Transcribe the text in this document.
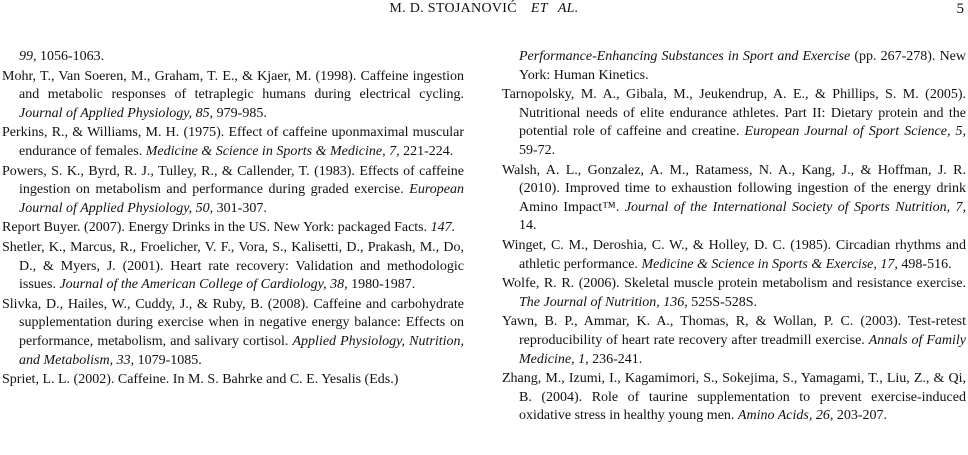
M. D. STOJANOVIĆ ET AL.	5

99, 1056-1063.

Mohr, T., Van Soeren, M., Graham, T. E., & Kjaer, M. (1998). Caffeine ingestion and metabolic responses of tetraplegic humans during electrical cycling. Journal of Applied Physiology, 85, 979-985.

Perkins, R., & Williams, M. H. (1975). Effect of caffeine uponmaximal muscular endurance of females. Medicine & Science in Sports & Medicine, 7, 221-224.

Powers, S. K., Byrd, R. J., Tulley, R., & Callender, T. (1983). Effects of caffeine ingestion on metabolism and performance during graded exercise. European Journal of Applied Physiology, 50, 301-307.

Report Buyer. (2007). Energy Drinks in the US. New York: packaged Facts. 147.

Shetler, K., Marcus, R., Froelicher, V. F., Vora, S., Kalisetti, D., Prakash, M., Do, D., & Myers, J. (2001). Heart rate recovery: Validation and methodologic issues. Journal of the American College of Cardiology, 38, 1980-1987.

Slivka, D., Hailes, W., Cuddy, J., & Ruby, B. (2008). Caffeine and carbohydrate supplementation during exercise when in negative energy balance: Effects on performance, metabolism, and salivary cortisol. Applied Physiology, Nutrition, and Metabolism, 33, 1079-1085.

Spriet, L. L. (2002). Caffeine. In M. S. Bahrke and C. E. Yesalis (Eds.)

Performance-Enhancing Substances in Sport and Exercise (pp. 267-278). New York: Human Kinetics.

Tarnopolsky, M. A., Gibala, M., Jeukendrup, A. E., & Phillips, S. M. (2005). Nutritional needs of elite endurance athletes. Part II: Dietary protein and the potential role of caffeine and creatine. European Journal of Sport Science, 5, 59-72.

Walsh, A. L., Gonzalez, A. M., Ratamess, N. A., Kang, J., & Hoffman, J. R. (2010). Improved time to exhaustion following ingestion of the energy drink Amino Impact™. Journal of the International Society of Sports Nutrition, 7, 14.

Winget, C. M., Deroshia, C. W., & Holley, D. C. (1985). Circadian rhythms and athletic performance. Medicine & Science in Sports & Exercise, 17, 498-516.

Wolfe, R. R. (2006). Skeletal muscle protein metabolism and resistance exercise. The Journal of Nutrition, 136, 525S-528S.

Yawn, B. P., Ammar, K. A., Thomas, R, & Wollan, P. C. (2003). Test-retest reproducibility of heart rate recovery after treadmill exercise. Annals of Family Medicine, 1, 236-241.

Zhang, M., Izumi, I., Kagamimori, S., Sokejima, S., Yamagami, T., Liu, Z., & Qi, B. (2004). Role of taurine supplementation to prevent exercise-induced oxidative stress in healthy young men. Amino Acids, 26, 203-207.
